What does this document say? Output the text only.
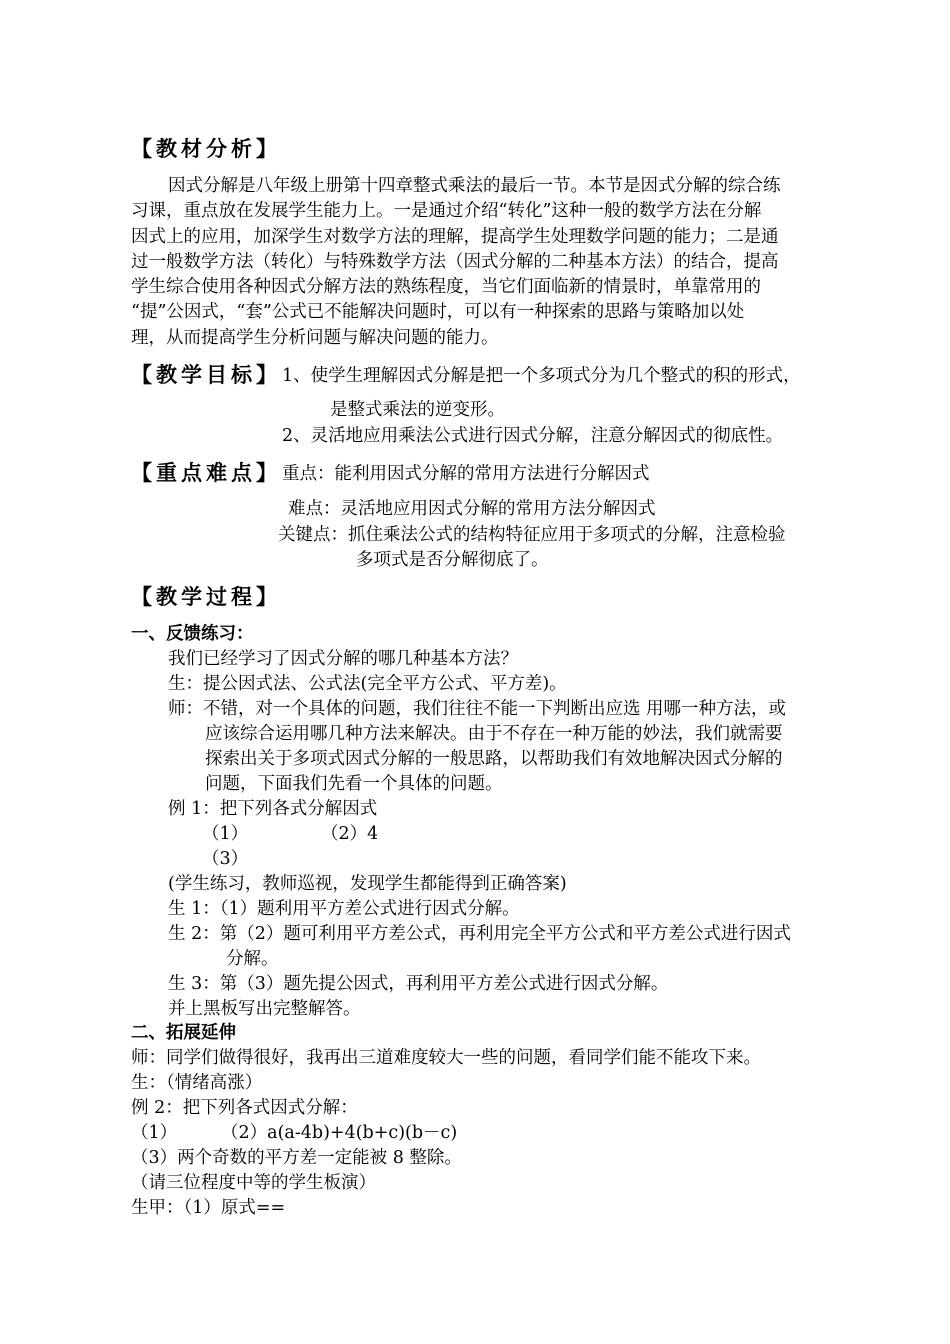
【教材分析】
因式分解是八年级上册第十四章整式乘法的最后一节。本节是因式分解的综合练
习课，重点放在发展学生能力上。一是通过介绍“转化”这种一般的数学方法在分解
因式上的应用，加深学生对数学方法的理解，提高学生处理数学问题的能力；二是通
过一般数学方法（转化）与特殊数学方法（因式分解的二种基本方法）的结合，提高
学生综合使用各种因式分解方法的熟练程度，当它们面临新的情景时，单靠常用的
“提”公因式，“套”公式已不能解决问题时，可以有一种探索的思路与策略加以处
理，从而提高学生分析问题与解决问题的能力。
【教学目标】 1、使学生理解因式分解是把一个多项式分为几个整式的积的形式，
是整式乘法的逆变形。
2、灵活地应用乘法公式进行因式分解，注意分解因式的彻底性。
【重点难点】 重点：能利用因式分解的常用方法进行分解因式
难点：灵活地应用因式分解的常用方法分解因式
关键点：抓住乘法公式的结构特征应用于多项式的分解，注意检验
多项式是否分解彻底了。
【教学过程】
一、反馈练习：
我们已经学习了因式分解的哪几种基本方法？
生：提公因式法、公式法(完全平方公式、平方差)。
师：不错，对一个具体的问题，我们往往不能一下判断出应选 用哪一种方法，或
应该综合运用哪几种方法来解决。由于不存在一种万能的妙法，我们就需要
探索出关于多项式因式分解的一般思路，以帮助我们有效地解决因式分解的
问题，下面我们先看一个具体的问题。
例 1：把下列各式分解因式
（1）	（2）4
（3）
(学生练习，教师巡视，发现学生都能得到正确答案)
生 1：（1）题利用平方差公式进行因式分解。
生 2：第（2）题可利用平方差公式，再利用完全平方公式和平方差公式进行因式
分解。
生 3：第（3）题先提公因式，再利用平方差公式进行因式分解。
并上黑板写出完整解答。
二、拓展延伸
师：同学们做得很好，我再出三道难度较大一些的问题，看同学们能不能攻下来。
生：（情绪高涨）
例 2：把下列各式因式分解：
（1）	（2）a(a-4b)+4(b+c)(b－c)
（3）两个奇数的平方差一定能被 8 整除。
（请三位程度中等的学生板演）
生甲：（1）原式==
